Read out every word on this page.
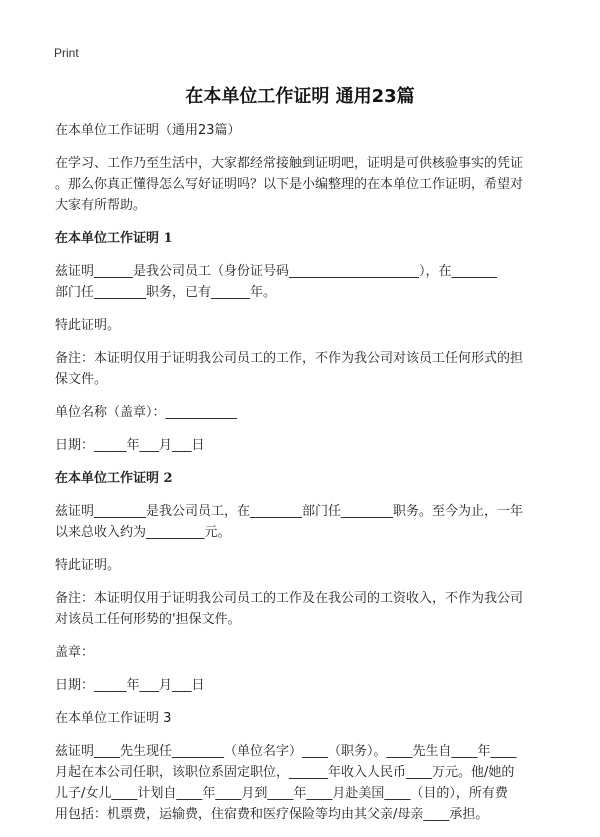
Print
在本单位工作证明 通用23篇
在本单位工作证明（通用23篇）
在学习、工作乃至生活中，大家都经常接触到证明吧，证明是可供核验事实的凭证
。那么你真正懂得怎么写好证明吗？以下是小编整理的在本单位工作证明，希望对
大家有所帮助。
在本单位工作证明 1
兹证明______是我公司员工（身份证号码____________________），在_______
部门任________职务，已有______年。
特此证明。
备注：本证明仅用于证明我公司员工的工作，不作为我公司对该员工任何形式的担
保文件。
单位名称（盖章）：___________
日期：_____年___月___日
在本单位工作证明 2
兹证明________是我公司员工，在________部门任________职务。至今为止，一年
以来总收入约为_________元。
特此证明。
备注：本证明仅用于证明我公司员工的工作及在我公司的工资收入，不作为我公司
对该员工任何形势的'担保文件。
盖章：
日期：_____年___月___日
在本单位工作证明 3
兹证明____先生现任________（单位名字）____（职务）。____先生自____年____
月起在本公司任职，该职位系固定职位，______年收入人民币____万元。他/她的
儿子/女儿____计划自____年____月到____年____月赴美国____（目的），所有费
用包括：机票费，运输费，住宿费和医疗保险等均由其父亲/母亲____承担。
